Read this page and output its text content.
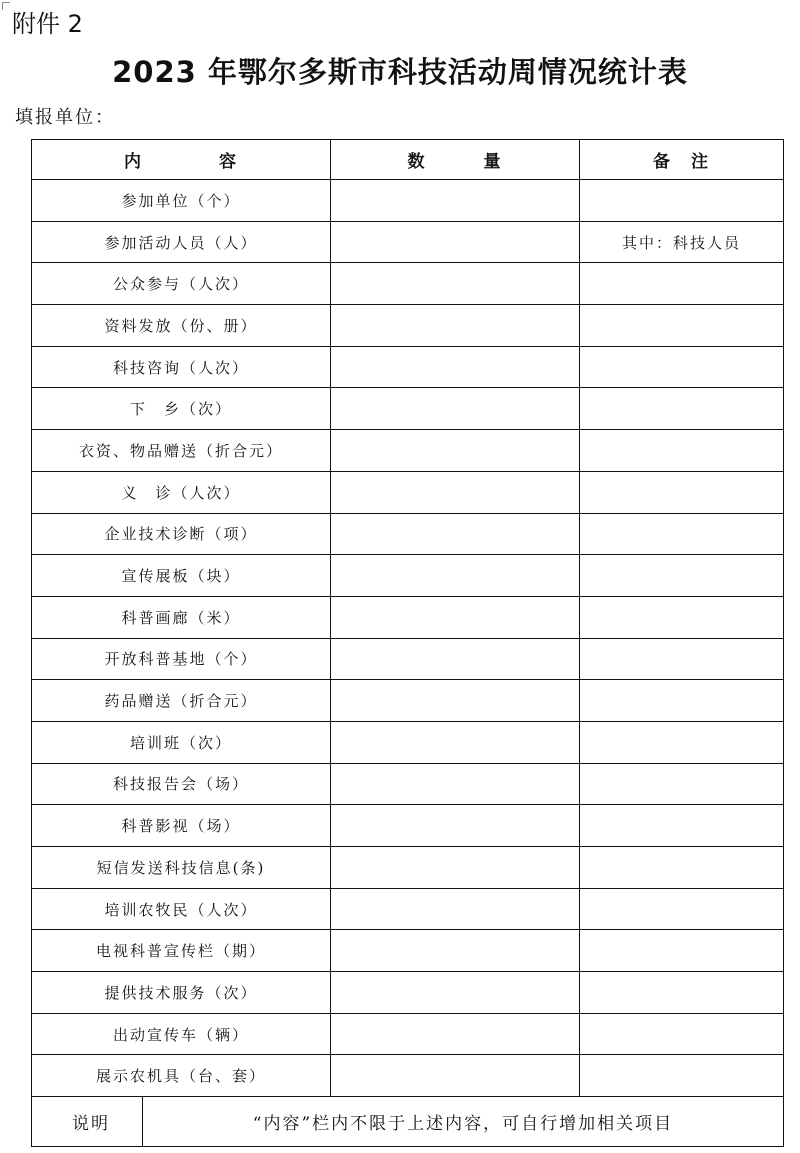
附件 2
2023 年鄂尔多斯市科技活动周情况统计表
填报单位：
内　　　　容		数　　　量	备　注
参加单位（个）			
参加活动人员（人）			其中：科技人员
公众参与（人次）			
资料发放（份、册）			
科技咨询（人次）			
下　乡（次）			
衣资、物品赠送（折合元）			
义　诊（人次）			
企业技术诊断（项）			
宣传展板（块）			
科普画廊（米）			
开放科普基地（个）			
药品赠送（折合元）			
培训班（次）			
科技报告会（场）			
科普影视（场）			
短信发送科技信息(条)			
培训农牧民（人次）			
电视科普宣传栏（期）			
提供技术服务（次）			
出动宣传车（辆）			
展示农机具（台、套）			
说明	“内容”栏内不限于上述内容，可自行增加相关项目		
